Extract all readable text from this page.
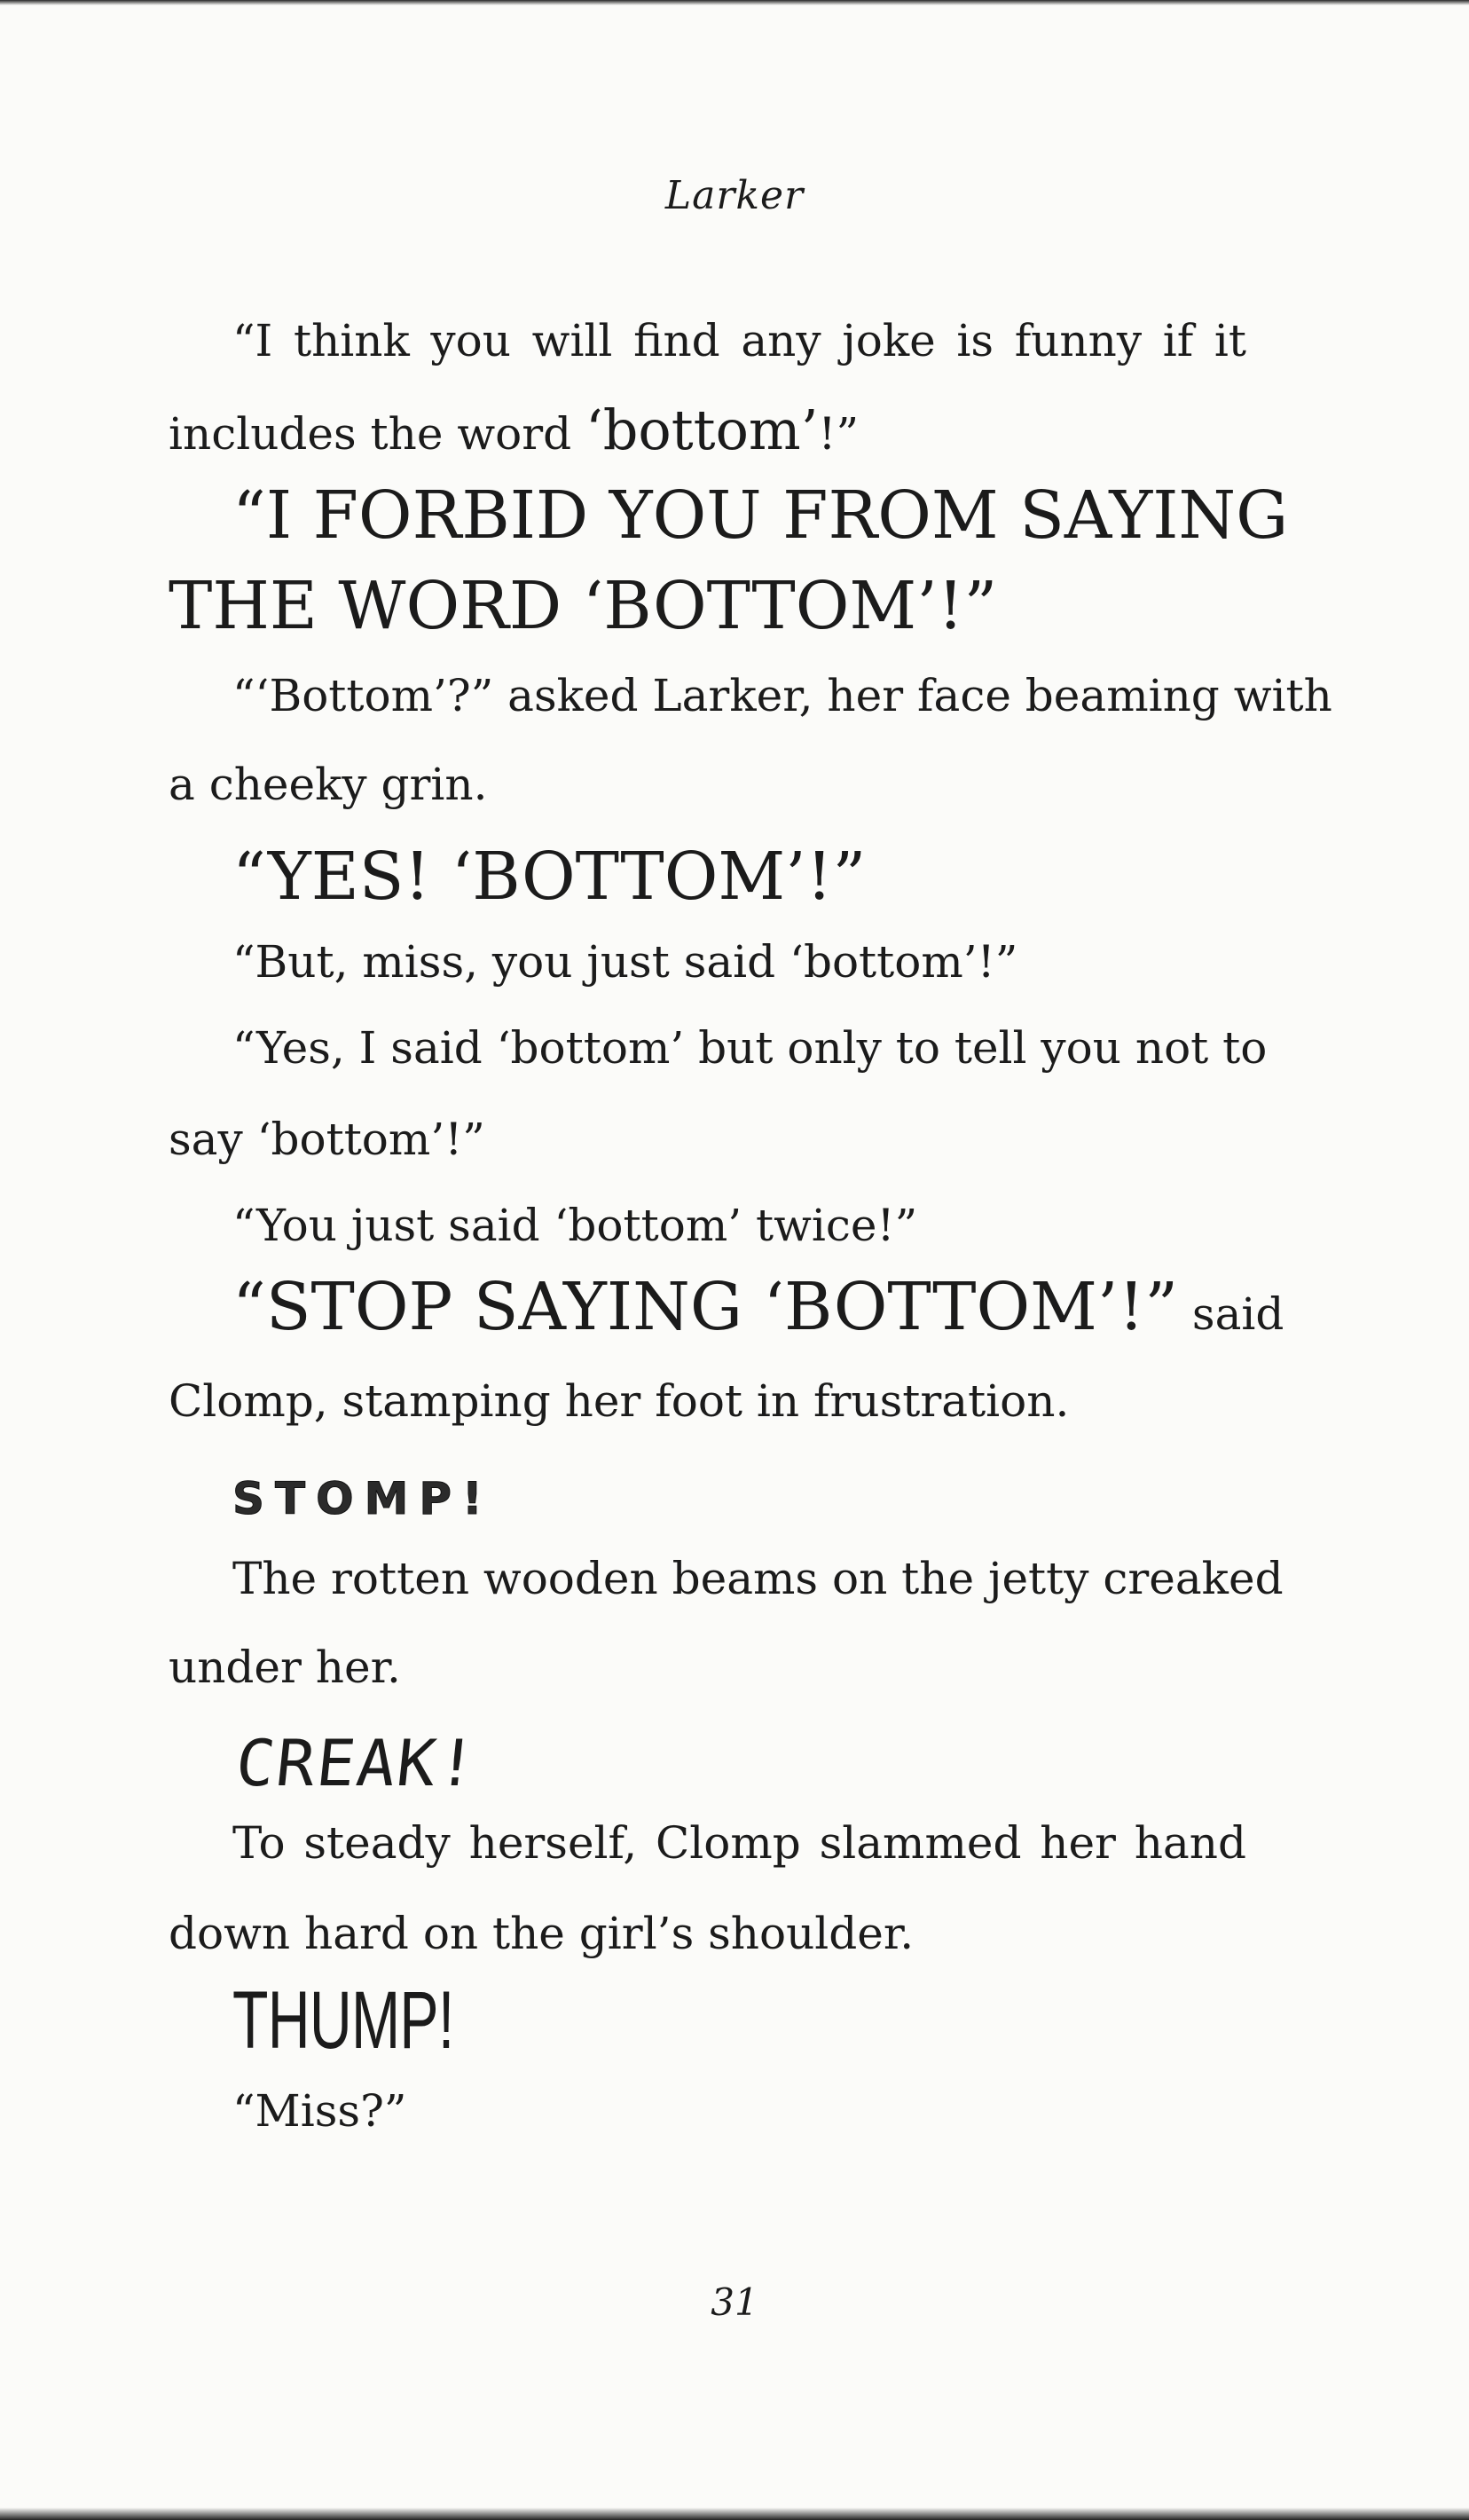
Larker
“I think you will find any joke is funny if it
includes the word ‘bottom’!”
“I FORBID YOU FROM SAYING
THE WORD ‘BOTTOM’!”
“‘Bottom’?” asked Larker, her face beaming with
a cheeky grin.
“YES! ‘BOTTOM’!”
“But, miss, you just said ‘bottom’!”
“Yes, I said ‘bottom’ but only to tell you not to
say ‘bottom’!”
“You just said ‘bottom’ twice!”
“STOP SAYING ‘BOTTOM’!” said
Clomp, stamping her foot in frustration.
STOMP!
The rotten wooden beams on the jetty creaked
under her.
CREAK!
To steady herself, Clomp slammed her hand
down hard on the girl’s shoulder.
THUMP!
“Miss?”
31
